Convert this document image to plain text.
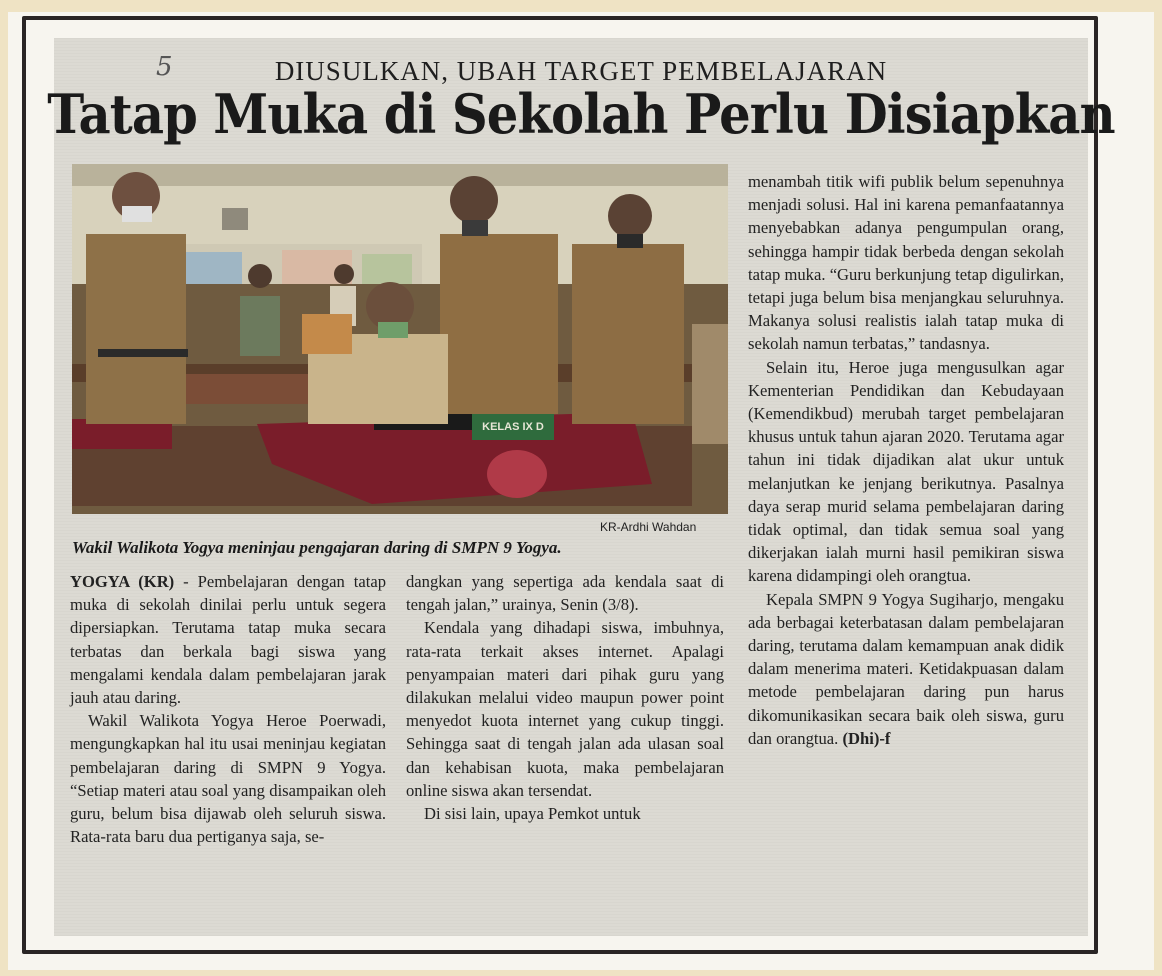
5	DIUSULKAN, UBAH TARGET PEMBELAJARAN
Tatap Muka di Sekolah Perlu Disiapkan
KELAS IX D
KR-Ardhi Wahdan
Wakil Walikota Yogya meninjau pengajaran daring di SMPN 9 Yogya.

YOGYA (KR) - Pembelajaran dengan tatap muka di sekolah dinilai perlu untuk segera dipersiapkan. Terutama tatap muka secara terbatas dan berkala bagi siswa yang mengalami kendala dalam pembelajaran jarak jauh atau daring.

Wakil Walikota Yogya Heroe Poerwadi, mengungkapkan hal itu usai meninjau kegiatan pembelajaran daring di SMPN 9 Yogya. “Setiap materi atau soal yang disampaikan oleh guru, belum bisa dijawab oleh seluruh siswa. Rata-rata baru dua pertiganya saja, se-

dangkan yang sepertiga ada kendala saat di tengah jalan,” urainya, Senin (3/8).

Kendala yang dihadapi siswa, imbuhnya, rata-rata terkait akses internet. Apalagi penyampaian materi dari pihak guru yang dilakukan melalui video maupun power point menyedot kuota internet yang cukup tinggi. Sehingga saat di tengah jalan ada ulasan soal dan kehabisan kuota, maka pembelajaran online siswa akan tersendat.

Di sisi lain, upaya Pemkot untuk

menambah titik wifi publik belum sepenuhnya menjadi solusi. Hal ini karena pemanfaatannya menyebabkan adanya pengumpulan orang, sehingga hampir tidak berbeda dengan sekolah tatap muka. “Guru berkunjung tetap digulirkan, tetapi juga belum bisa menjangkau seluruhnya. Makanya solusi realistis ialah tatap muka di sekolah namun terbatas,” tandasnya.

Selain itu, Heroe juga mengusulkan agar Kementerian Pendidikan dan Kebudayaan (Kemendikbud) merubah target pembelajaran khusus untuk tahun ajaran 2020. Terutama agar tahun ini tidak dijadikan alat ukur untuk melanjutkan ke jenjang berikutnya. Pasalnya daya serap murid selama pembelajaran daring tidak optimal, dan tidak semua soal yang dikerjakan ialah murni hasil pemikiran siswa karena didampingi oleh orangtua.

Kepala SMPN 9 Yogya Sugiharjo, mengaku ada berbagai keterbatasan dalam pembelajaran daring, terutama dalam kemampuan anak didik dalam menerima materi. Ketidakpuasan dalam metode pembelajaran daring pun harus dikomunikasikan secara baik oleh siswa, guru dan orangtua. (Dhi)-f
